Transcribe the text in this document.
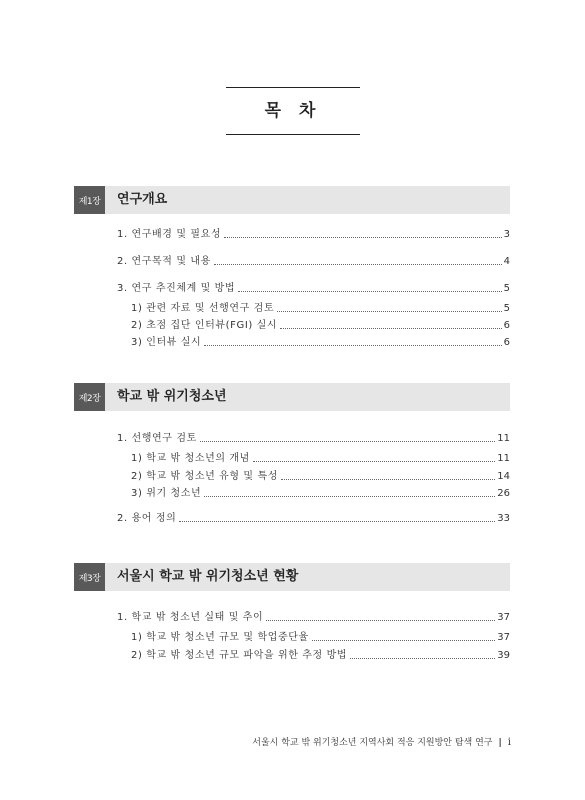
목 차
제1장	연구개요
1. 연구배경 및 필요성	3
2. 연구목적 및 내용	4
3. 연구 추진체계 및 방법	5
1) 관련 자료 및 선행연구 검토	5
2) 초점 집단 인터뷰(FGI) 실시	6
3) 인터뷰 실시	6
제2장	학교 밖 위기청소년
1. 선행연구 검토	11
1) 학교 밖 청소년의 개념	11
2) 학교 밖 청소년 유형 및 특성	14
3) 위기 청소년	26
2. 용어 정의	33
제3장	서울시 학교 밖 위기청소년 현황
1. 학교 밖 청소년 실태 및 추이	37
1) 학교 밖 청소년 규모 및 학업중단율	37
2) 학교 밖 청소년 규모 파악을 위한 추정 방법	39
서울시 학교 밖 위기청소년 지역사회 적응 지원방안 탐색 연구 | i
